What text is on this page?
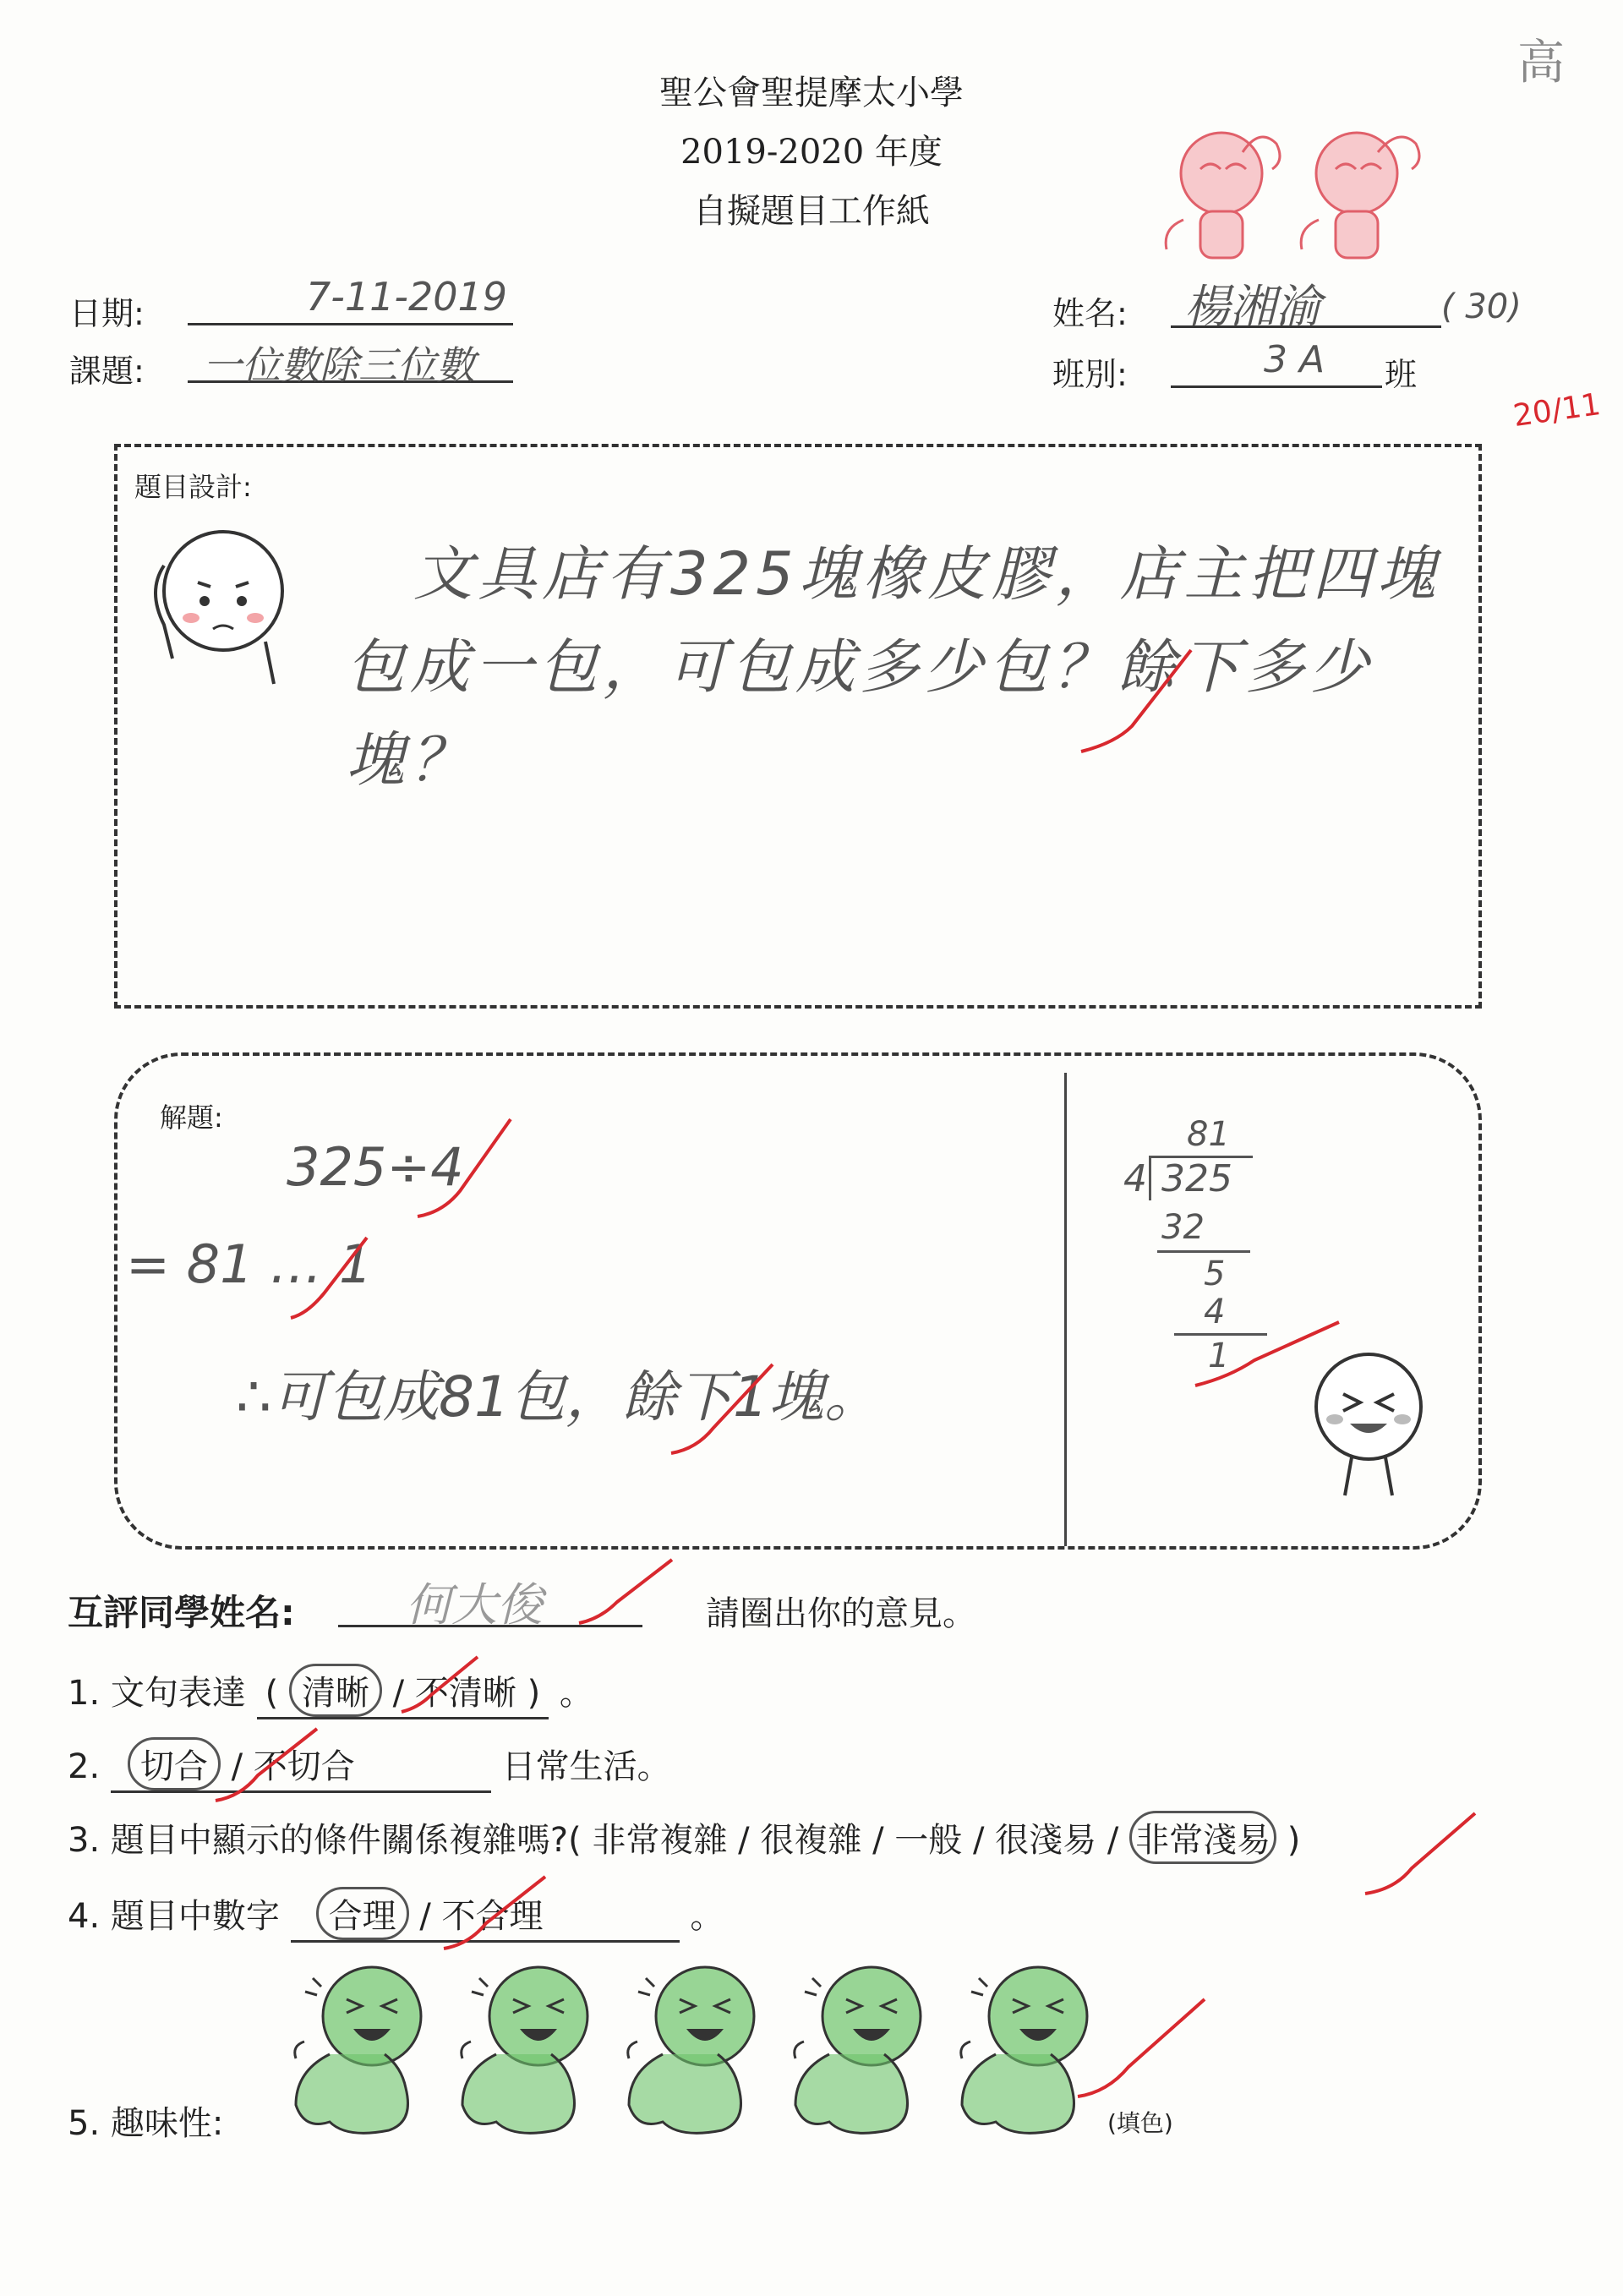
聖公會聖提摩太小學
2019-2020 年度
自擬題目工作紙
高
日期:	7-11-2019
課題: 一位數除三位數
姓名: 楊湘渝	( 30)
班別:	3 A 班
20/11
題目設計:
文具店有325塊橡皮膠，店主把四塊包成一包，可包成多少包？餘下多少塊？
解題:
325÷4
= 81 … 1
∴可包成81包，餘下1塊。
81
4 325
32
5
4
1
互評同學姓名: 何大俊	請圈出你的意見。
1. 文句表達 ( 清晰 / 不清晰 ) 。
2. 切合 / 不切合	日常生活。
3. 題目中顯示的條件關係複雜嗎?( 非常複雜 / 很複雜 / 一般 / 很淺易 / 非常淺易 )
4. 題目中數字 合理 / 不合理	。
5. 趣味性:	(填色)
